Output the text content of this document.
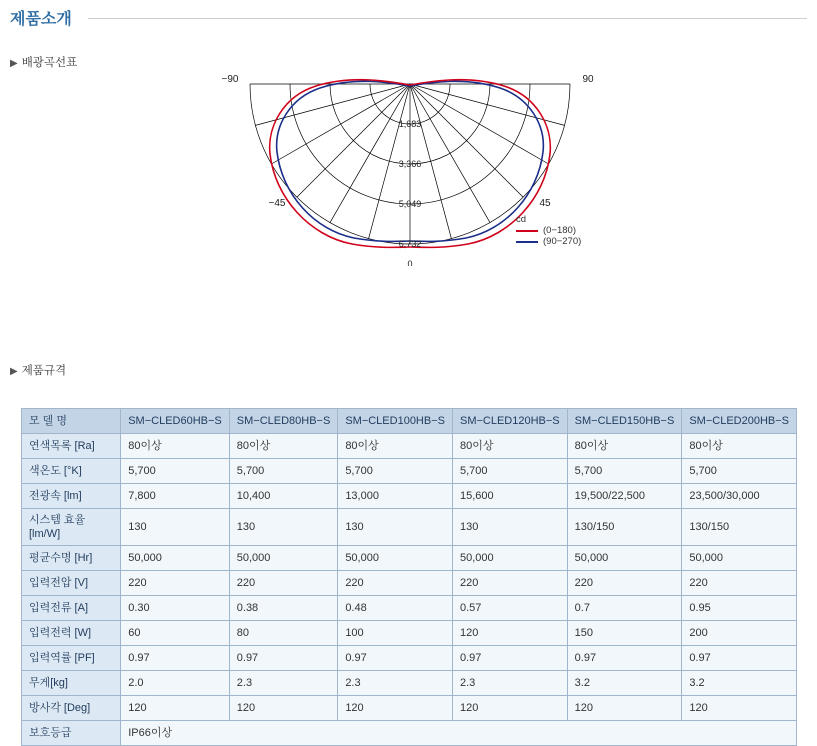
제품소개
▶ 배광곡선표
1,683
3,366
5,049
6,732
0
−90	90
−45	45
cd
(0−180)
(90−270)
▶ 제품규격
모 델 명	SM−CLED60HB−S	SM−CLED80HB−S	SM−CLED100HB−S	SM−CLED120HB−S	SM−CLED150HB−S	SM−CLED200HB−S
연색목록 [Ra]	80이상	80이상	80이상	80이상	80이상	80이상
색온도 [°K]	5,700	5,700	5,700	5,700	5,700	5,700
전광속 [lm]	7,800	10,400	13,000	15,600	19,500/22,500	23,500/30,000
시스템 효율
[lm/W]	130	130	130	130	130/150	130/150
평균수명 [Hr]	50,000	50,000	50,000	50,000	50,000	50,000
입력전압 [V]	220	220	220	220	220	220
입력전류 [A]	0.30	0.38	0.48	0.57	0.7	0.95
입력전력 [W]	60	80	100	120	150	200
입력역률 [PF]	0.97	0.97	0.97	0.97	0.97	0.97
무게[kg]	2.0	2.3	2.3	2.3	3.2	3.2
방사각 [Deg]	120	120	120	120	120	120
보호등급	IP66이상					
